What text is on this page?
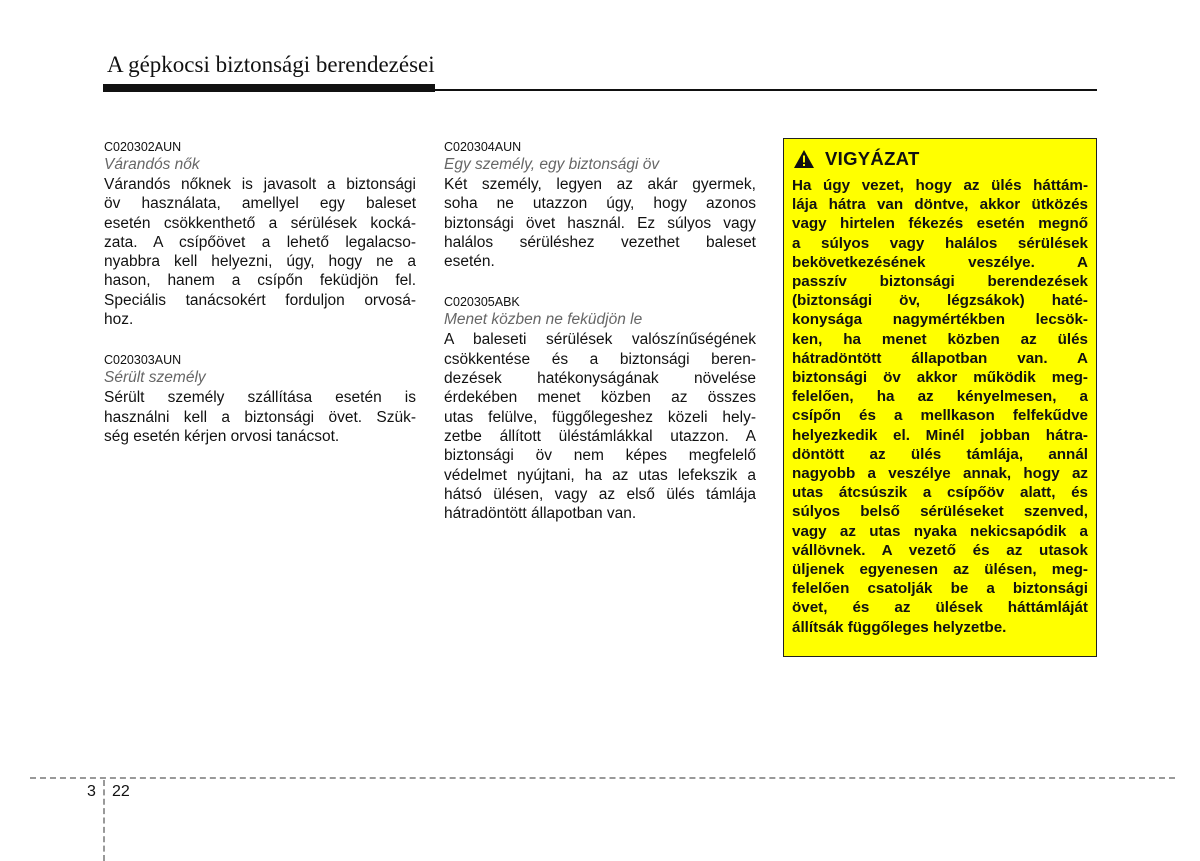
A gépkocsi biztonsági berendezései

C020302AUN

Várandós nők

Várandós nőknek is javasolt a biztonsági
öv használata, amellyel egy baleset
esetén csökkenthető a sérülések kocká-
zata. A csípőövet a lehető legalacso-
nyabbra kell helyezni, úgy, hogy ne a
hason, hanem a csípőn feküdjön fel.
Speciális tanácsokért forduljon orvosá-
hoz.

C020303AUN

Sérült személy

Sérült személy szállítása esetén is
használni kell a biztonsági övet. Szük-
ség esetén kérjen orvosi tanácsot.

C020304AUN

Egy személy, egy biztonsági öv

Két személy, legyen az akár gyermek,
soha ne utazzon úgy, hogy azonos
biztonsági övet használ. Ez súlyos vagy
halálos sérüléshez vezethet baleset
esetén.

C020305ABK

Menet közben ne feküdjön le

A baleseti sérülések valószínűségének
csökkentése és a biztonsági beren-
dezések hatékonyságának növelése
érdekében menet közben az összes
utas felülve, függőlegeshez közeli hely-
zetbe állított üléstámlákkal utazzon. A
biztonsági öv nem képes megfelelő
védelmet nyújtani, ha az utas lefekszik a
hátsó ülésen, vagy az első ülés támlája
hátradöntött állapotban van.
VIGYÁZAT
Ha úgy vezet, hogy az ülés háttám-
lája hátra van döntve, akkor ütközés
vagy hirtelen fékezés esetén megnő
a súlyos vagy halálos sérülések
bekövetkezésének veszélye. A
passzív biztonsági berendezések
(biztonsági öv, légzsákok) haté-
konysága nagymértékben lecsök-
ken, ha menet közben az ülés
hátradöntött állapotban van. A
biztonsági öv akkor működik meg-
felelően, ha az kényelmesen, a
csípőn és a mellkason felfekűdve
helyezkedik el. Minél jobban hátra-
döntött az ülés támlája, annál
nagyobb a veszélye annak, hogy az
utas átcsúszik a csípőöv alatt, és
súlyos belső sérüléseket szenved,
vagy az utas nyaka nekicsapódik a
vállövnek. A vezető és az utasok
üljenek egyenesen az ülésen, meg-
felelően csatolják be a biztonsági
övet, és az ülések háttámláját
állítsák függőleges helyzetbe.
3 22
